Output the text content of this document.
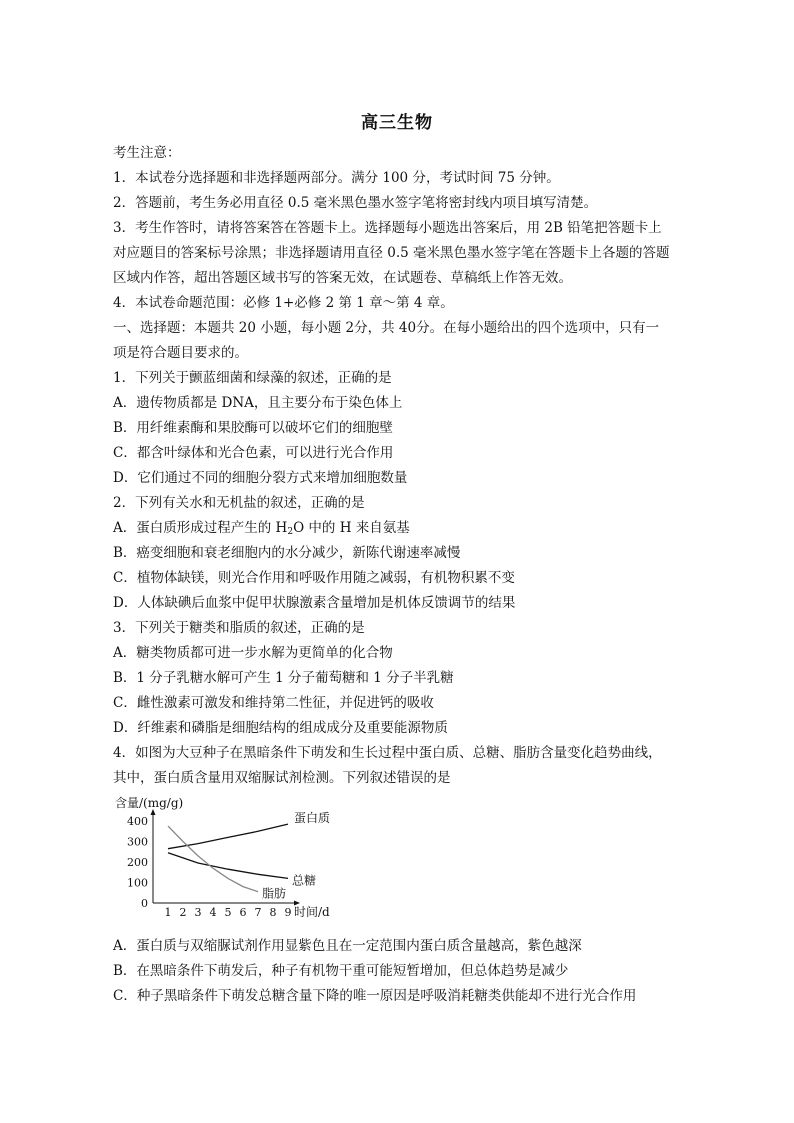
高三生物
考生注意：
1．本试卷分选择题和非选择题两部分。满分 100 分，考试时间 75 分钟。
2．答题前，考生务必用直径 0.5 毫米黑色墨水签字笔将密封线内项目填写清楚。
3．考生作答时，请将答案答在答题卡上。选择题每小题选出答案后，用 2B 铅笔把答题卡上
对应题目的答案标号涂黑；非选择题请用直径 0.5 毫米黑色墨水签字笔在答题卡上各题的答题
区域内作答，超出答题区域书写的答案无效，在试题卷、草稿纸上作答无效。
4．本试卷命题范围：必修 1+必修 2 第 1 章～第 4 章。
一、选择题：本题共 20 小题，每小题 2分，共 40分。在每小题给出的四个选项中，只有一
项是符合题目要求的。
1．下列关于颤蓝细菌和绿藻的叙述，正确的是
A．遗传物质都是 DNA，且主要分布于染色体上
B．用纤维素酶和果胶酶可以破坏它们的细胞壁
C．都含叶绿体和光合色素，可以进行光合作用
D．它们通过不同的细胞分裂方式来增加细胞数量
2．下列有关水和无机盐的叙述，正确的是
A．蛋白质形成过程产生的 $H_2O$ 中的 H 来自氨基
B．癌变细胞和衰老细胞内的水分减少，新陈代谢速率减慢
C．植物体缺镁，则光合作用和呼吸作用随之减弱，有机物积累不变
D．人体缺碘后血浆中促甲状腺激素含量增加是机体反馈调节的结果
3．下列关于糖类和脂质的叙述，正确的是
A．糖类物质都可进一步水解为更简单的化合物
B．1 分子乳糖水解可产生 1 分子葡萄糖和 1 分子半乳糖
C．雌性激素可激发和维持第二性征，并促进钙的吸收
D．纤维素和磷脂是细胞结构的组成成分及重要能源物质
4．如图为大豆种子在黑暗条件下萌发和生长过程中蛋白质、总糖、脂肪含量变化趋势曲线，
其中，蛋白质含量用双缩脲试剂检测。下列叙述错误的是
400
300
200
100
0
1 2 3 4 5 6 7 8 9
含量/(mg/g)
时间/d
蛋白质
总糖
脂肪
A．蛋白质与双缩脲试剂作用显紫色且在一定范围内蛋白质含量越高，紫色越深
B．在黑暗条件下萌发后，种子有机物干重可能短暂增加，但总体趋势是减少
C．种子黑暗条件下萌发总糖含量下降的唯一原因是呼吸消耗糖类供能却不进行光合作用
